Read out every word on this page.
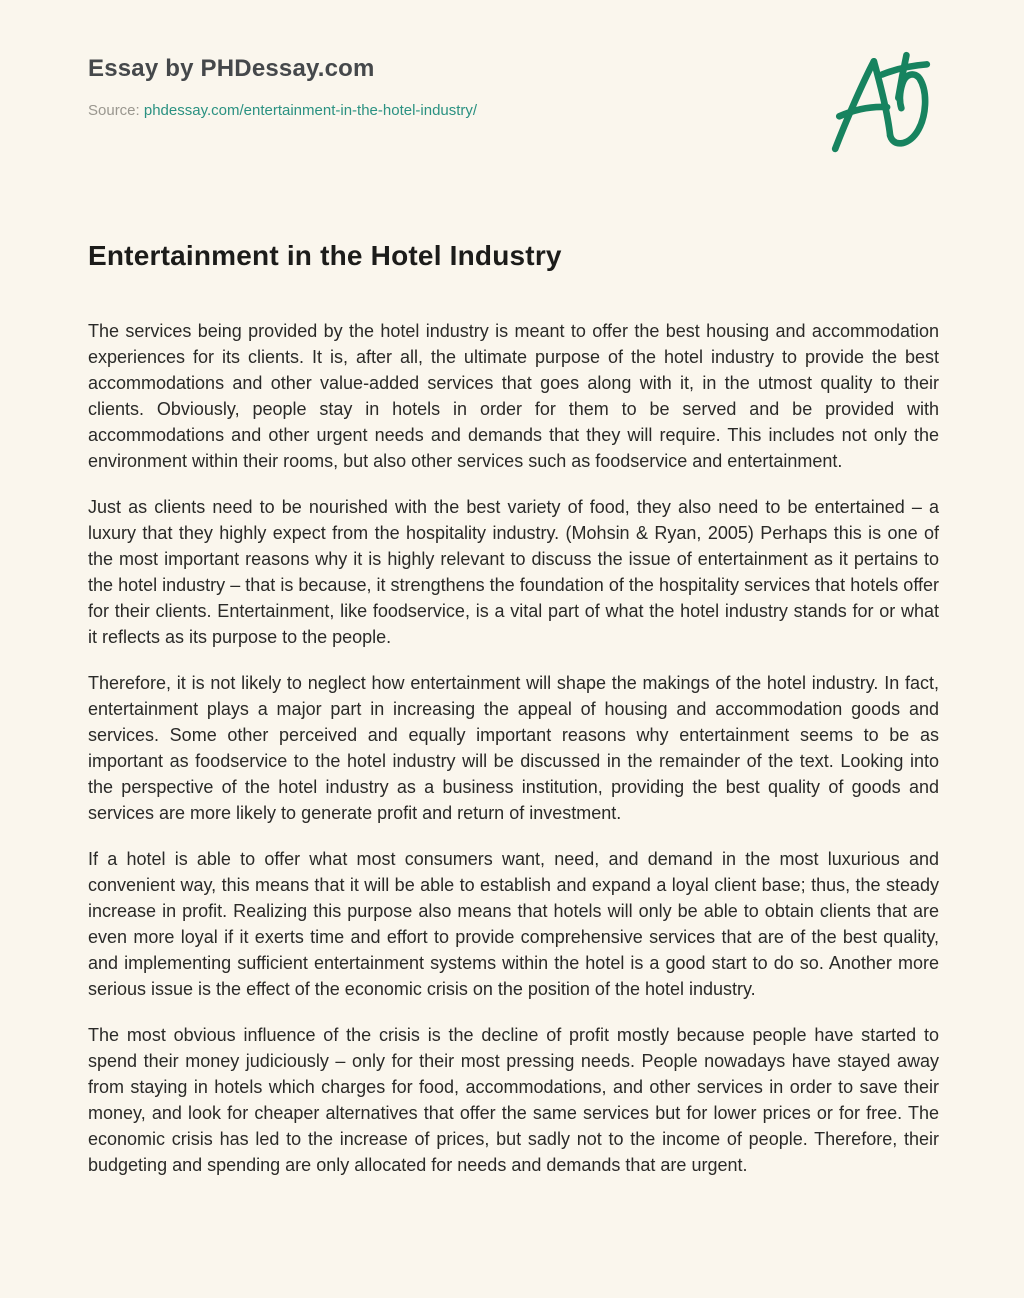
Essay by PHDessay.com

Source: phdessay.com/entertainment-in-the-hotel-industry/

Entertainment in the Hotel Industry

The services being provided by the hotel industry is meant to offer the best housing and accommodation experiences for its clients. It is, after all, the ultimate purpose of the hotel industry to provide the best accommodations and other value-added services that goes along with it, in the utmost quality to their clients. Obviously, people stay in hotels in order for them to be served and be provided with accommodations and other urgent needs and demands that they will require. This includes not only the environment within their rooms, but also other services such as foodservice and entertainment.

Just as clients need to be nourished with the best variety of food, they also need to be entertained – a luxury that they highly expect from the hospitality industry. (Mohsin & Ryan, 2005) Perhaps this is one of the most important reasons why it is highly relevant to discuss the issue of entertainment as it pertains to the hotel industry – that is because, it strengthens the foundation of the hospitality services that hotels offer for their clients. Entertainment, like foodservice, is a vital part of what the hotel industry stands for or what it reflects as its purpose to the people.

Therefore, it is not likely to neglect how entertainment will shape the makings of the hotel industry. In fact, entertainment plays a major part in increasing the appeal of housing and accommodation goods and services. Some other perceived and equally important reasons why entertainment seems to be as important as foodservice to the hotel industry will be discussed in the remainder of the text. Looking into the perspective of the hotel industry as a business institution, providing the best quality of goods and services are more likely to generate profit and return of investment.

If a hotel is able to offer what most consumers want, need, and demand in the most luxurious and convenient way, this means that it will be able to establish and expand a loyal client base; thus, the steady increase in profit. Realizing this purpose also means that hotels will only be able to obtain clients that are even more loyal if it exerts time and effort to provide comprehensive services that are of the best quality, and implementing sufficient entertainment systems within the hotel is a good start to do so. Another more serious issue is the effect of the economic crisis on the position of the hotel industry.

The most obvious influence of the crisis is the decline of profit mostly because people have started to spend their money judiciously – only for their most pressing needs. People nowadays have stayed away from staying in hotels which charges for food, accommodations, and other services in order to save their money, and look for cheaper alternatives that offer the same services but for lower prices or for free. The economic crisis has led to the increase of prices, but sadly not to the income of people. Therefore, their budgeting and spending are only allocated for needs and demands that are urgent.
